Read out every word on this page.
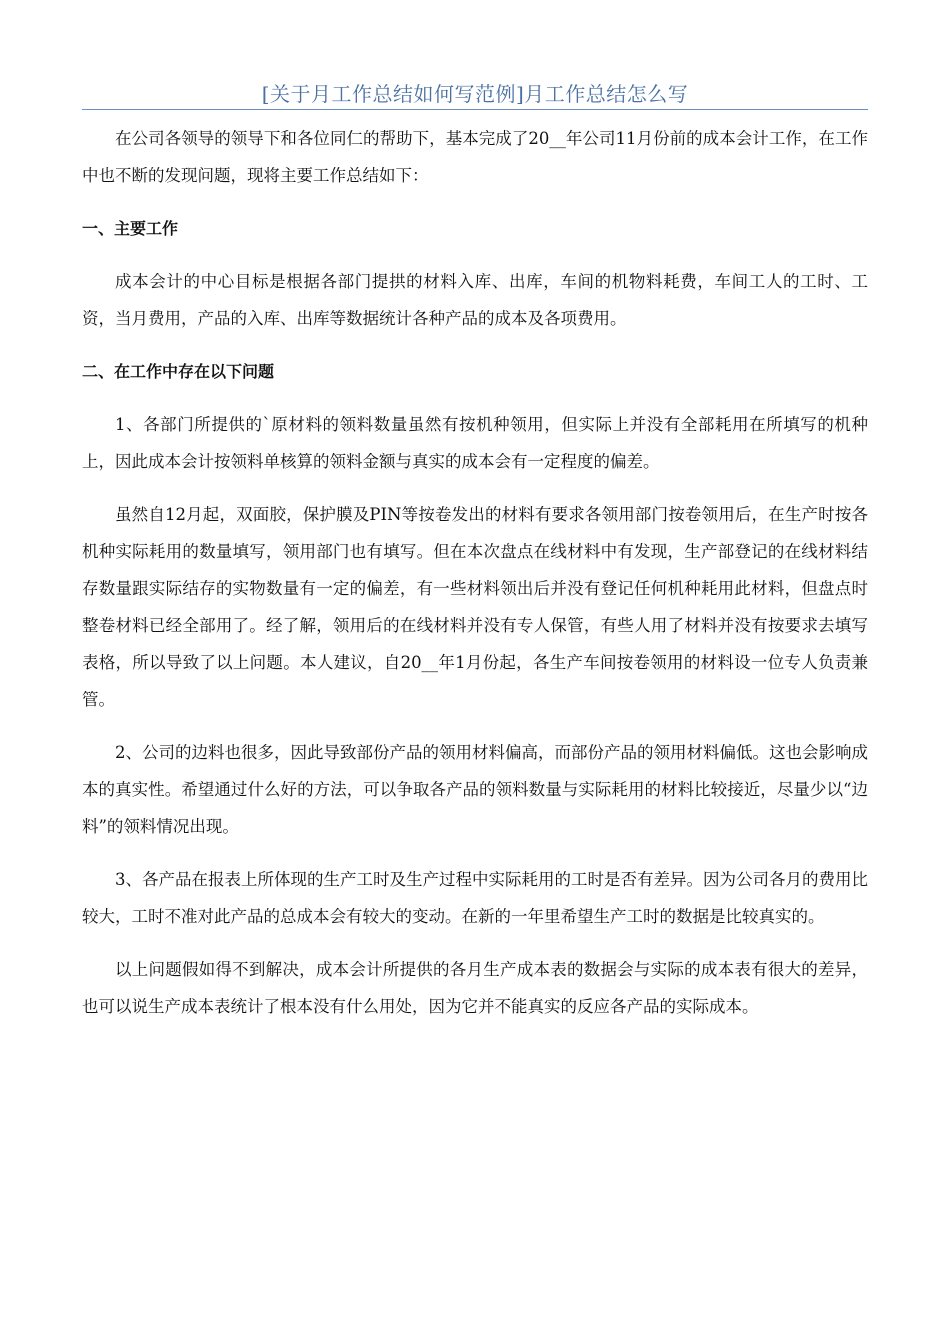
[关于月工作总结如何写范例]月工作总结怎么写

在公司各领导的领导下和各位同仁的帮助下，基本完成了20__年公司11月份前的成本会计工作，在工作中也不断的发现问题，现将主要工作总结如下：

一、主要工作

成本会计的中心目标是根据各部门提拱的材料入库、出库，车间的机物料耗费，车间工人的工时、工资，当月费用，产品的入库、出库等数据统计各种产品的成本及各项费用。

二、在工作中存在以下问题

1、各部门所提供的`原材料的领料数量虽然有按机种领用，但实际上并没有全部耗用在所填写的机种上，因此成本会计按领料单核算的领料金额与真实的成本会有一定程度的偏差。

虽然自12月起，双面胶，保护膜及PIN等按卷发出的材料有要求各领用部门按卷领用后，在生产时按各机种实际耗用的数量填写，领用部门也有填写。但在本次盘点在线材料中有发现，生产部登记的在线材料结存数量跟实际结存的实物数量有一定的偏差，有一些材料领出后并没有登记任何机种耗用此材料，但盘点时整卷材料已经全部用了。经了解，领用后的在线材料并没有专人保管，有些人用了材料并没有按要求去填写表格，所以导致了以上问题。本人建议，自20__年1月份起，各生产车间按卷领用的材料设一位专人负责兼管。

2、公司的边料也很多，因此导致部份产品的领用材料偏高，而部份产品的领用材料偏低。这也会影响成本的真实性。希望通过什么好的方法，可以争取各产品的领料数量与实际耗用的材料比较接近，尽量少以“边料”的领料情况出现。

3、各产品在报表上所体现的生产工时及生产过程中实际耗用的工时是否有差异。因为公司各月的费用比较大，工时不准对此产品的总成本会有较大的变动。在新的一年里希望生产工时的数据是比较真实的。

以上问题假如得不到解决，成本会计所提供的各月生产成本表的数据会与实际的成本表有很大的差异，也可以说生产成本表统计了根本没有什么用处，因为它并不能真实的反应各产品的实际成本。
